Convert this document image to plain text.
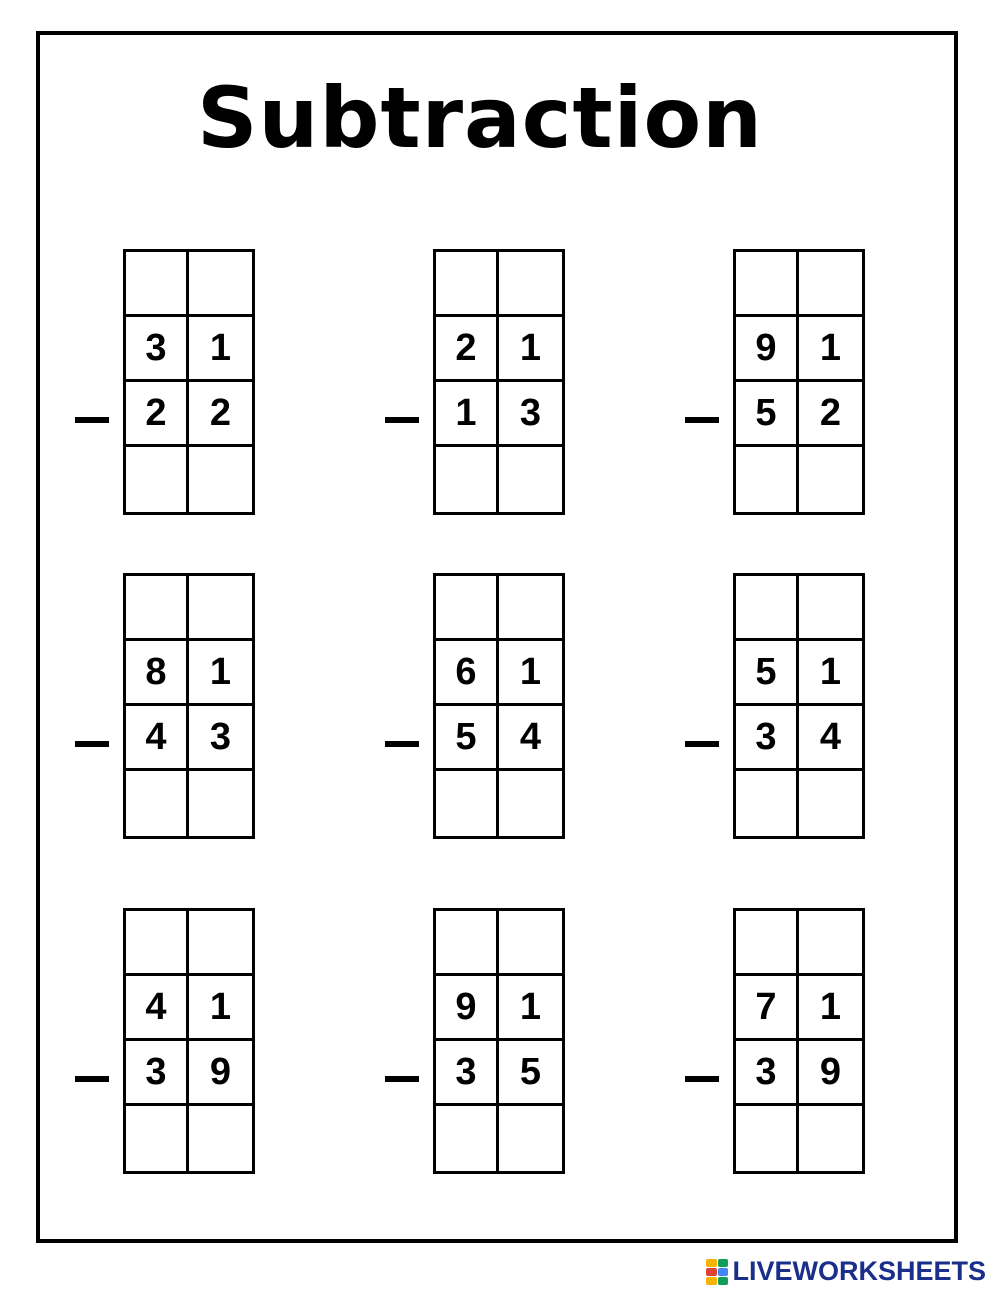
Subtraction
3	1
2	2
2	1
1	3
9	1
5	2
8	1
4	3
6	1
5	4
5	1
3	4
4	1
3	9
9	1
3	5
7	1
3	9
LIVEWORKSHEETS
